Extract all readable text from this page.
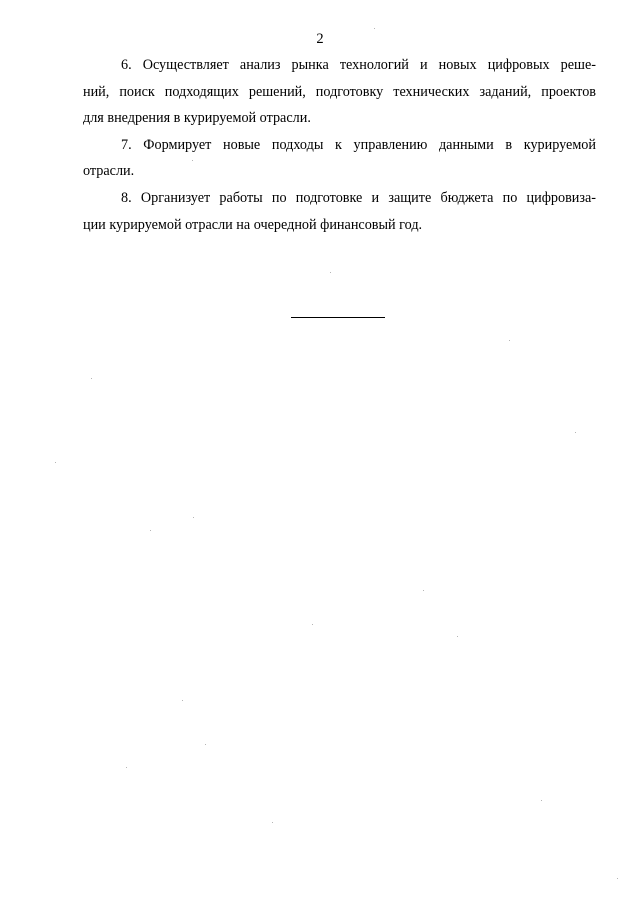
2
6. Осуществляет анализ рынка технологий и новых цифровых реше-
ний, поиск подходящих решений, подготовку технических заданий, проектов
для внедрения в курируемой отрасли.
7. Формирует новые подходы к управлению данными в курируемой
отрасли.
8. Организует работы по подготовке и защите бюджета по цифровиза-
ции курируемой отрасли на очередной финансовый год.
